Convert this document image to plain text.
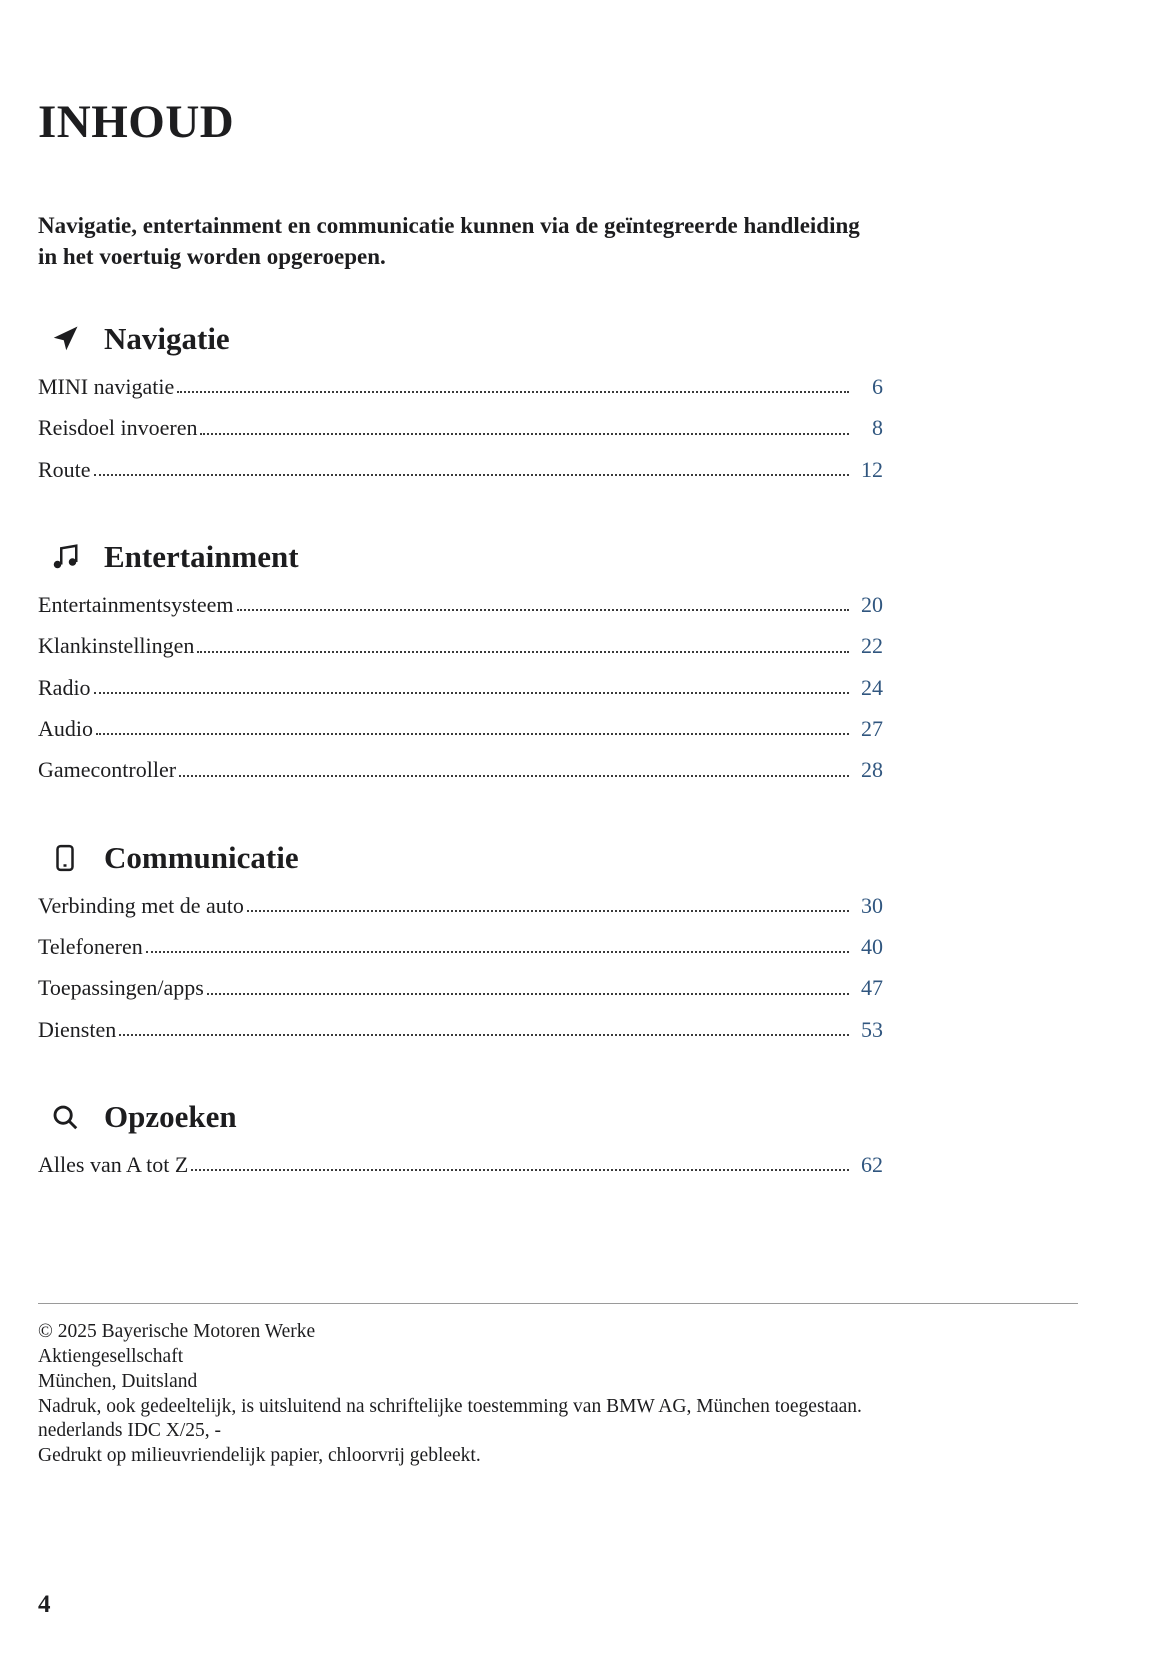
INHOUD
Navigatie, entertainment en communicatie kunnen via de geïntegreerde handleiding in het voertuig worden opgeroepen.
Navigatie
MINI navigatie	6
Reisdoel invoeren	8
Route	12
Entertainment
Entertainmentsysteem	20
Klankinstellingen	22
Radio	24
Audio	27
Gamecontroller	28
Communicatie
Verbinding met de auto	30
Telefoneren	40
Toepassingen/apps	47
Diensten	53
Opzoeken
Alles van A tot Z	62

© 2025 Bayerische Motoren Werke

Aktiengesellschaft

München, Duitsland

Nadruk, ook gedeeltelijk, is uitsluitend na schriftelijke toestemming van BMW AG, München toegestaan.

nederlands IDC X/25, -

Gedrukt op milieuvriendelijk papier, chloorvrij gebleekt.

4
